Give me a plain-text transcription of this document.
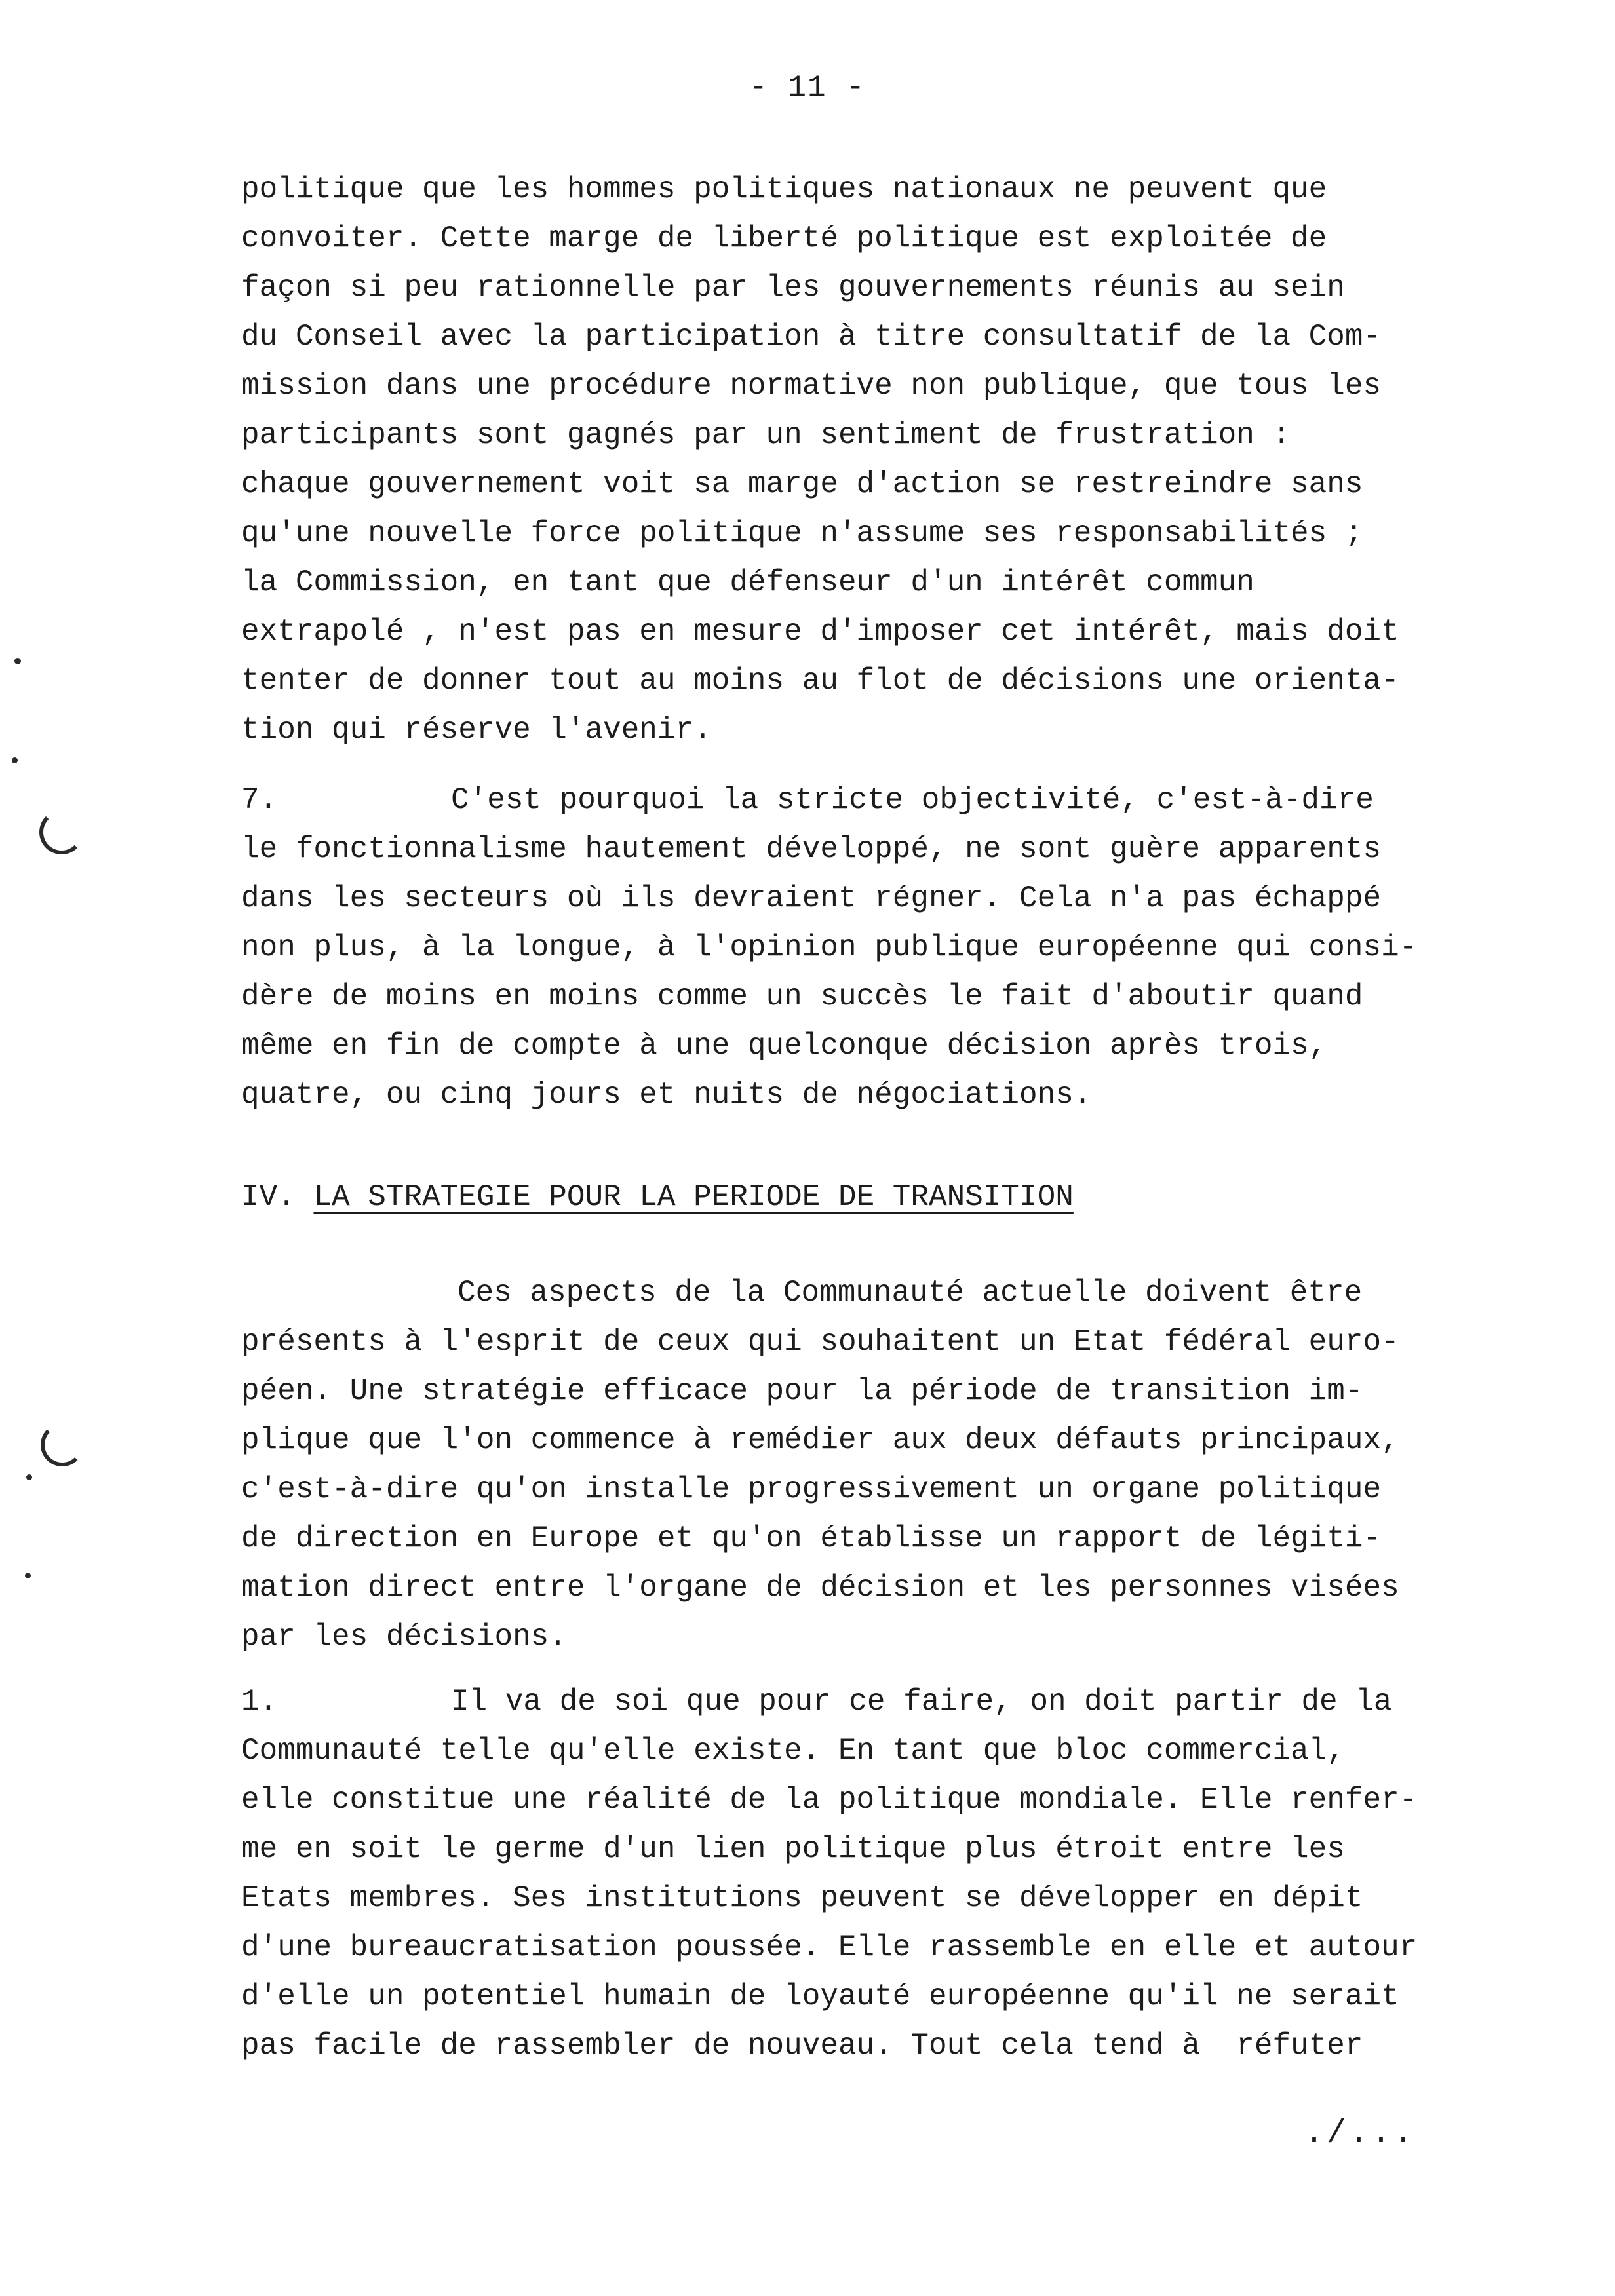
- 11 -
politique que les hommes politiques nationaux ne peuvent que
convoiter. Cette marge de liberté politique est exploitée de
façon si peu rationnelle par les gouvernements réunis au sein
du Conseil avec la participation à titre consultatif de la Com-
mission dans une procédure normative non publique, que tous les
participants sont gagnés par un sentiment de frustration :
chaque gouvernement voit sa marge d'action se restreindre sans
qu'une nouvelle force politique n'assume ses responsabilités ;
la Commission, en tant que défenseur d'un intérêt commun
extrapolé , n'est pas en mesure d'imposer cet intérêt, mais doit
tenter de donner tout au moins au flot de décisions une orienta-
tion qui réserve l'avenir.
7.	C'est pourquoi la stricte objectivité, c'est-à-dire
le fonctionnalisme hautement développé, ne sont guère apparents
dans les secteurs où ils devraient régner. Cela n'a pas échappé
non plus, à la longue, à l'opinion publique européenne qui consi-
dère de moins en moins comme un succès le fait d'aboutir quand
même en fin de compte à une quelconque décision après trois,
quatre, ou cinq jours et nuits de négociations.
IV. LA STRATEGIE POUR LA PERIODE DE TRANSITION
Ces aspects de la Communauté actuelle doivent être
présents à l'esprit de ceux qui souhaitent un Etat fédéral euro-
péen. Une stratégie efficace pour la période de transition im-
plique que l'on commence à remédier aux deux défauts principaux,
c'est-à-dire qu'on installe progressivement un organe politique
de direction en Europe et qu'on établisse un rapport de légiti-
mation direct entre l'organe de décision et les personnes visées
par les décisions.
1.	Il va de soi que pour ce faire, on doit partir de la
Communauté telle qu'elle existe. En tant que bloc commercial,
elle constitue une réalité de la politique mondiale. Elle renfer-
me en soit le germe d'un lien politique plus étroit entre les
Etats membres. Ses institutions peuvent se développer en dépit
d'une bureaucratisation poussée. Elle rassemble en elle et autour
d'elle un potentiel humain de loyauté européenne qu'il ne serait
pas facile de rassembler de nouveau. Tout cela tend à  réfuter
./...
